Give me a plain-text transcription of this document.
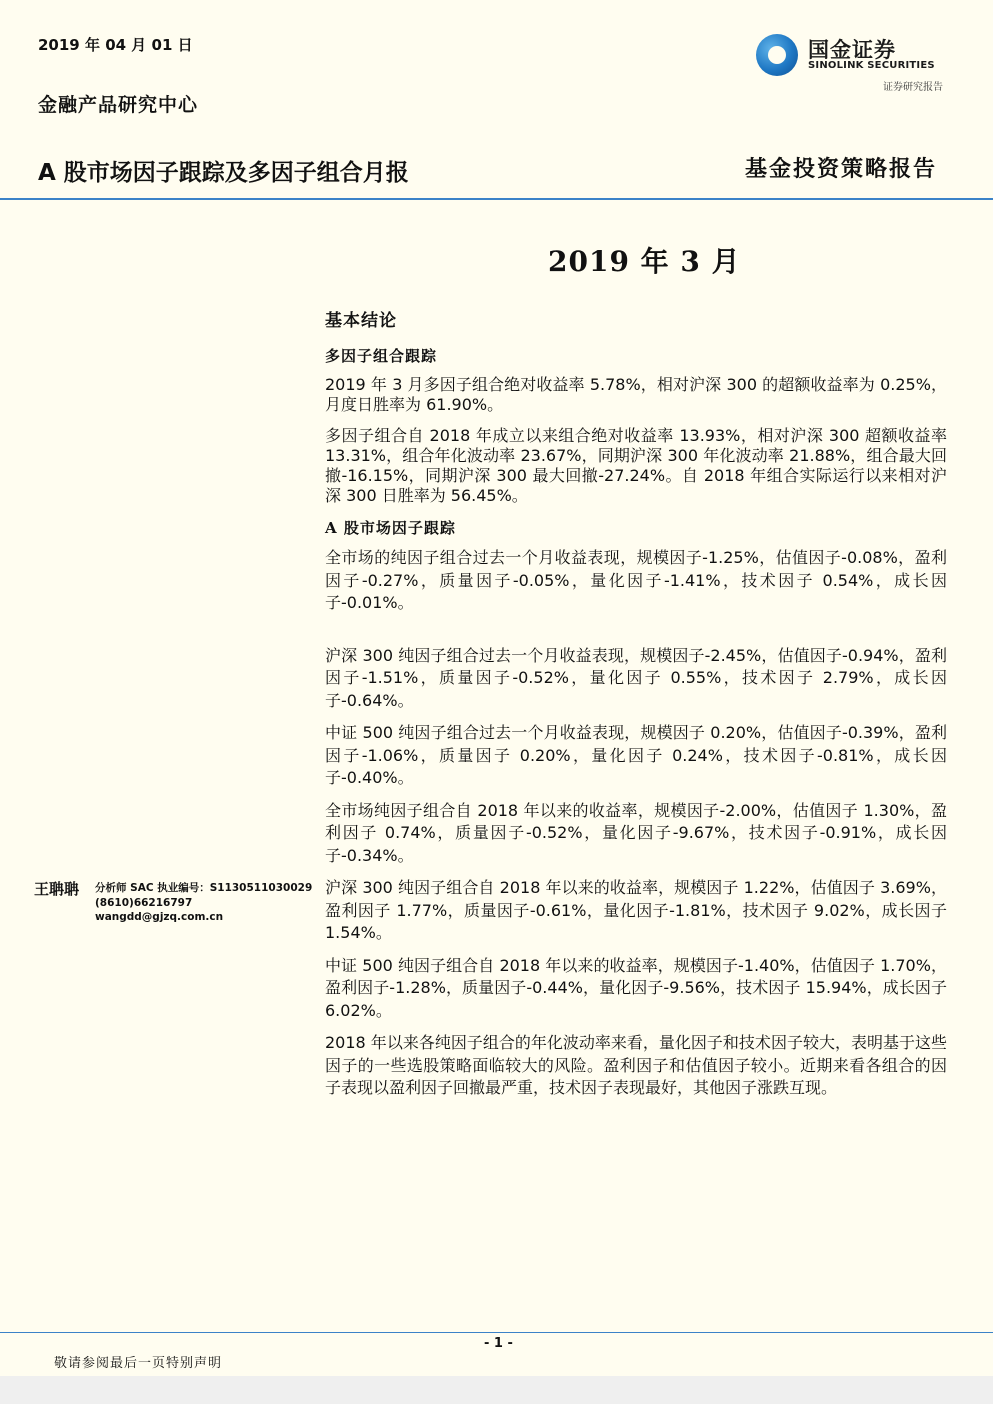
2019 年 04 月 01 日
金融产品研究中心
国金证券
SINOLINK SECURITIES
证券研究报告
A 股市场因子跟踪及多因子组合月报	基金投资策略报告
2019 年 3 月
基本结论
多因子组合跟踪

2019 年 3 月多因子组合绝对收益率 5.78%，相对沪深 300 的超额收益率为 0.25%，月度日胜率为 61.90%。

多因子组合自 2018 年成立以来组合绝对收益率 13.93%，相对沪深 300 超额收益率 13.31%，组合年化波动率 23.67%，同期沪深 300 年化波动率 21.88%，组合最大回撤-16.15%，同期沪深 300 最大回撤-27.24%。自 2018 年组合实际运行以来相对沪深 300 日胜率为 56.45%。

A 股市场因子跟踪

全市场的纯因子组合过去一个月收益表现，规模因子-1.25%，估值因子-0.08%，盈利因子-0.27%，质量因子-0.05%，量化因子-1.41%，技术因子 0.54%，成长因子-0.01%。

沪深 300 纯因子组合过去一个月收益表现，规模因子-2.45%，估值因子-0.94%，盈利因子-1.51%，质量因子-0.52%，量化因子 0.55%，技术因子 2.79%，成长因子-0.64%。

中证 500 纯因子组合过去一个月收益表现，规模因子 0.20%，估值因子-0.39%，盈利因子-1.06%，质量因子 0.20%，量化因子 0.24%，技术因子-0.81%，成长因子-0.40%。

全市场纯因子组合自 2018 年以来的收益率，规模因子-2.00%，估值因子 1.30%，盈利因子 0.74%，质量因子-0.52%，量化因子-9.67%，技术因子-0.91%，成长因子-0.34%。

沪深 300 纯因子组合自 2018 年以来的收益率，规模因子 1.22%，估值因子 3.69%，盈利因子 1.77%，质量因子-0.61%，量化因子-1.81%，技术因子 9.02%，成长因子 1.54%。

中证 500 纯因子组合自 2018 年以来的收益率，规模因子-1.40%，估值因子 1.70%，盈利因子-1.28%，质量因子-0.44%，量化因子-9.56%，技术因子 15.94%，成长因子 6.02%。

2018 年以来各纯因子组合的年化波动率来看，量化因子和技术因子较大，表明基于这些因子的一些选股策略面临较大的风险。盈利因子和估值因子较小。近期来看各组合的因子表现以盈利因子回撤最严重，技术因子表现最好，其他因子涨跌互现。

王聃聃 分析师 SAC 执业编号：S1130511030029
(8610)66216797
wangdd@gjzq.com.cn
- 1 -
敬请参阅最后一页特别声明
